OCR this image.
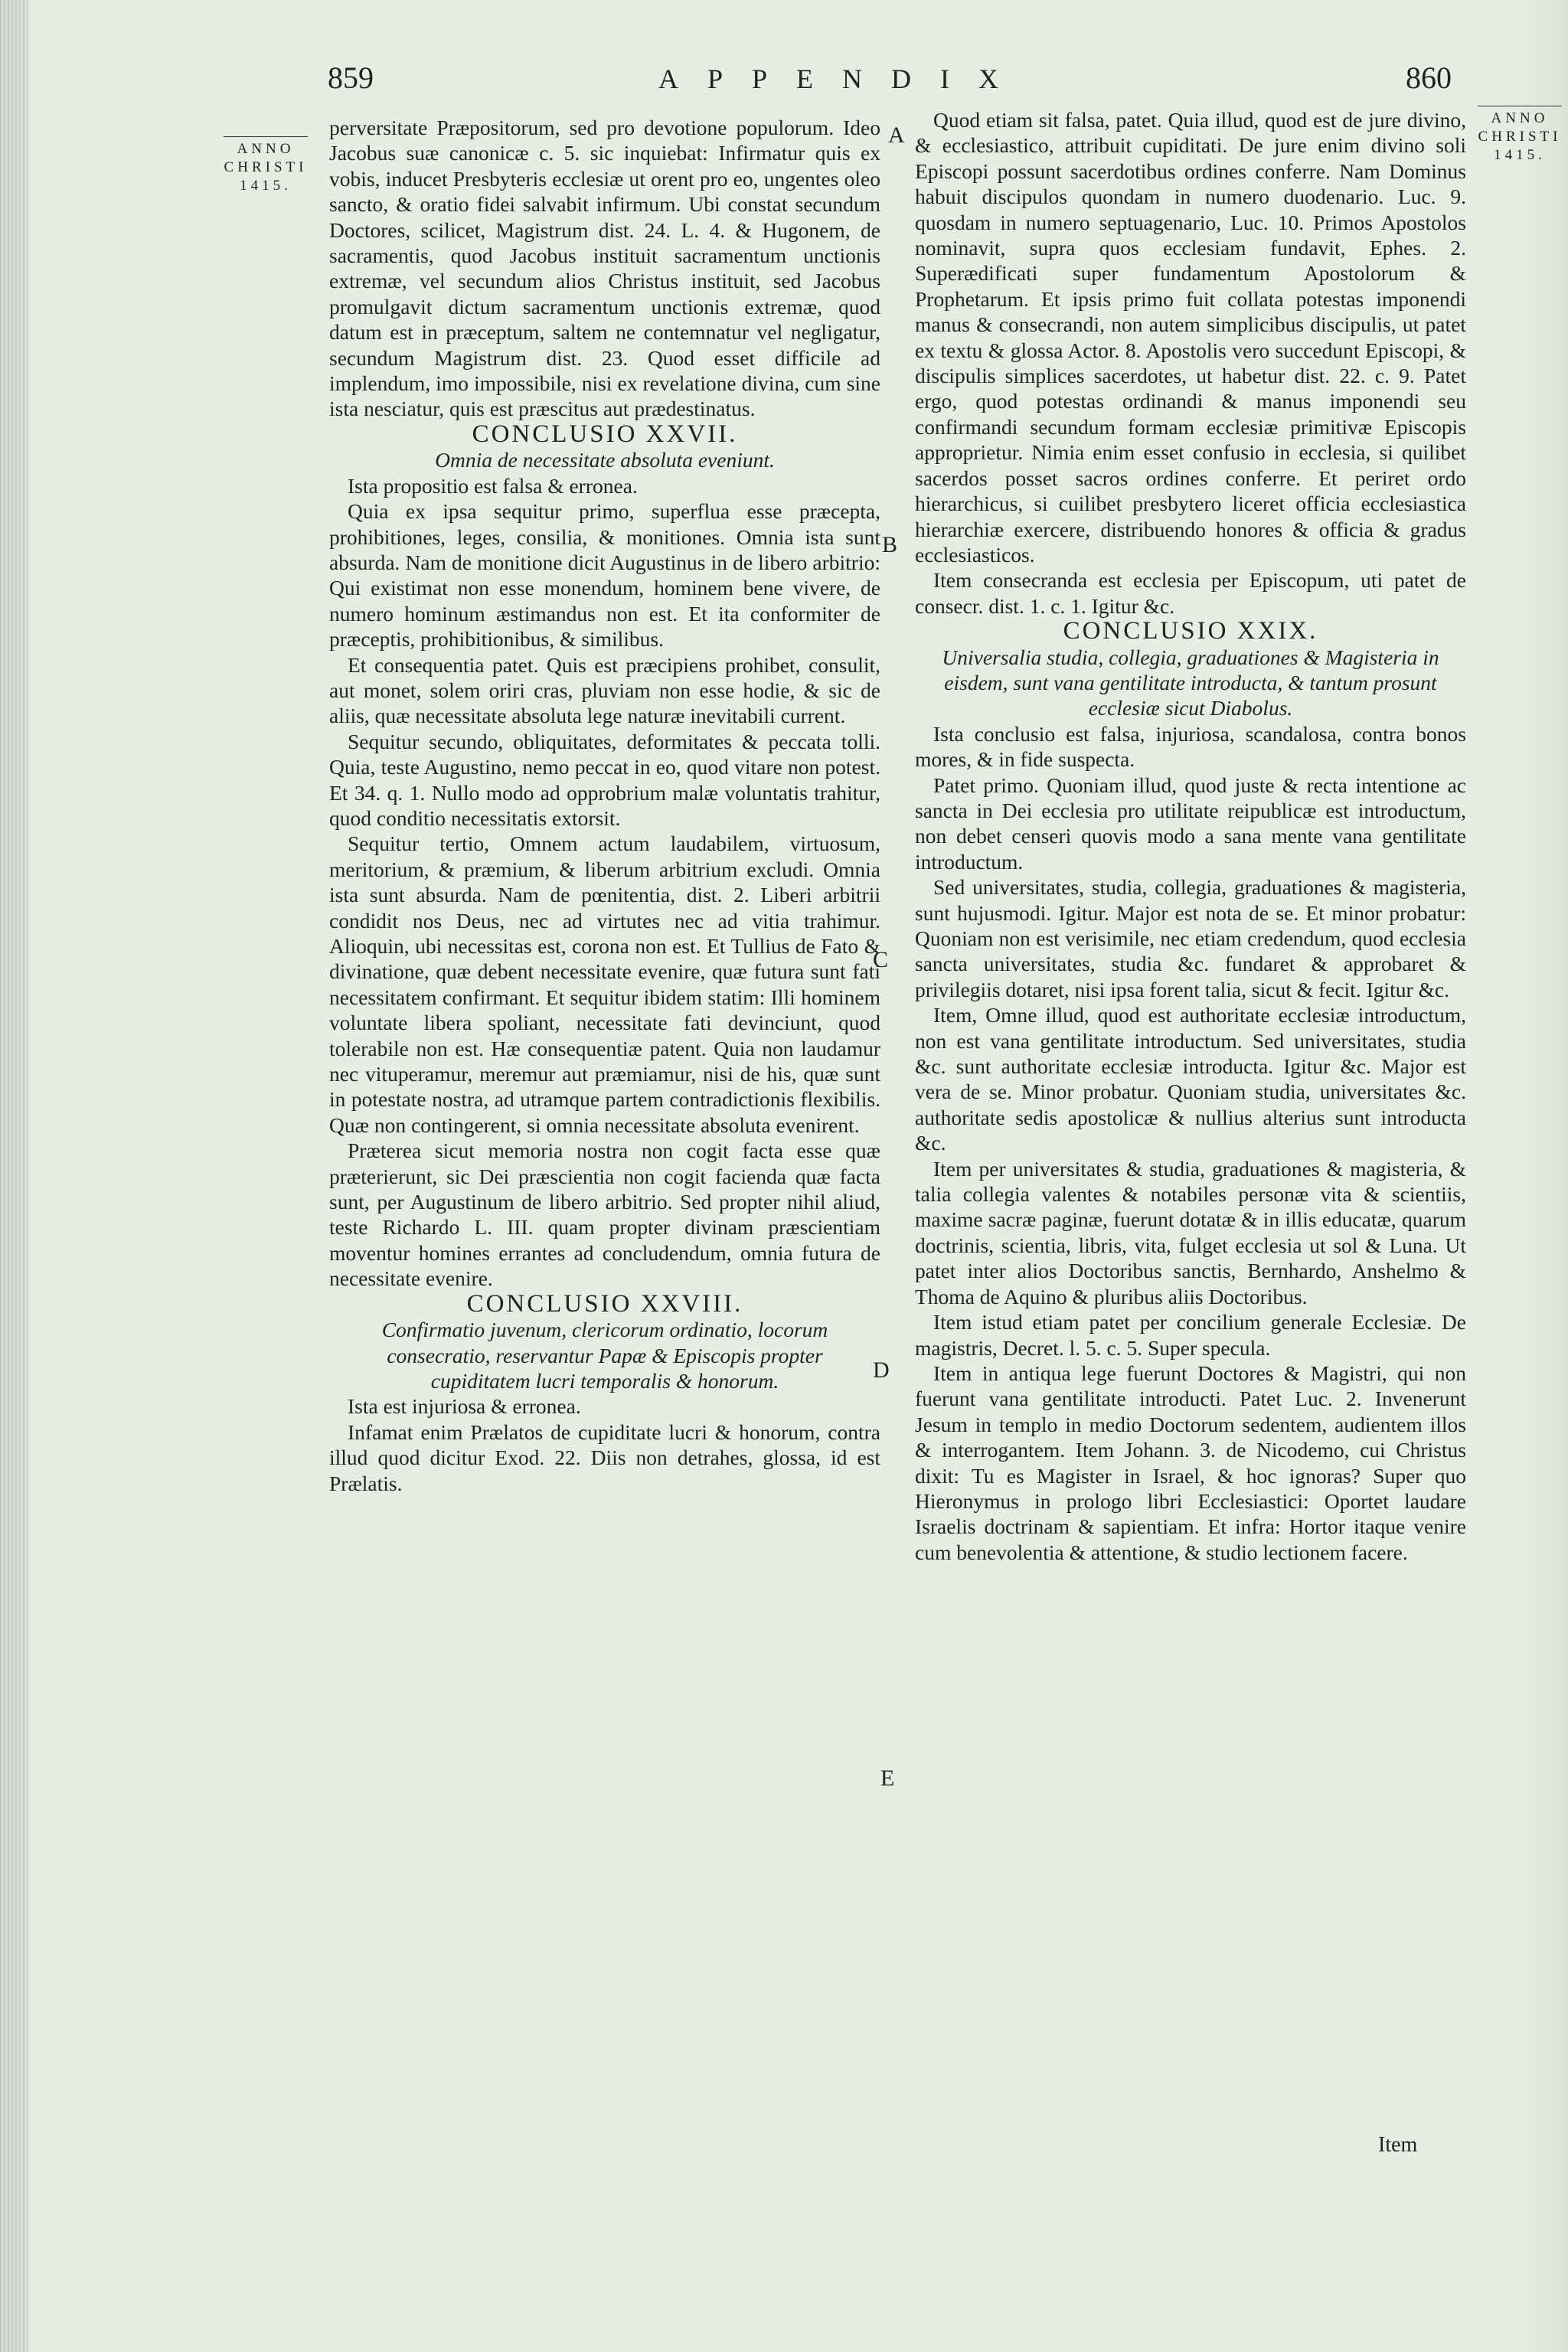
859	APPENDIX	860
ANNO
CHRISTI
1415.
ANNO
CHRISTI
1415.
A
B
C
D
E

perversitate Præpositorum, sed pro devotione populorum. Ideo Jacobus suæ canonicæ c. 5. sic inquiebat: Infirmatur quis ex vobis, inducet Presbyteris ecclesiæ ut orent pro eo, ungentes oleo sancto, & oratio fidei salvabit infirmum. Ubi constat secundum Doctores, scilicet, Magistrum dist. 24. L. 4. & Hugonem, de sacramentis, quod Jacobus instituit sacramentum unctionis extremæ, vel secundum alios Christus instituit, sed Jacobus promulgavit dictum sacramentum unctionis extremæ, quod datum est in præceptum, saltem ne contemnatur vel negligatur, secundum Magistrum dist. 23. Quod esset difficile ad implendum, imo impossibile, nisi ex revelatione divina, cum sine ista nesciatur, quis est præscitus aut prædestinatus.

CONCLUSIO XXVII.

Omnia de necessitate absoluta eveniunt.

Ista propositio est falsa & erronea.

Quia ex ipsa sequitur primo, superflua esse præcepta, prohibitiones, leges, consilia, & monitiones. Omnia ista sunt absurda. Nam de monitione dicit Augustinus in de libero arbitrio: Qui existimat non esse monendum, hominem bene vivere, de numero hominum æstimandus non est. Et ita conformiter de præceptis, prohibitionibus, & similibus.

Et consequentia patet. Quis est præcipiens prohibet, consulit, aut monet, solem oriri cras, pluviam non esse hodie, & sic de aliis, quæ necessitate absoluta lege naturæ inevitabili current.

Sequitur secundo, obliquitates, deformitates & peccata tolli. Quia, teste Augustino, nemo peccat in eo, quod vitare non potest. Et 34. q. 1. Nullo modo ad opprobrium malæ voluntatis trahitur, quod conditio necessitatis extorsit.

Sequitur tertio, Omnem actum laudabilem, virtuosum, meritorium, & præmium, & liberum arbitrium excludi. Omnia ista sunt absurda. Nam de pœnitentia, dist. 2. Liberi arbitrii condidit nos Deus, nec ad virtutes nec ad vitia trahimur. Alioquin, ubi necessitas est, corona non est. Et Tullius de Fato & divinatione, quæ debent necessitate evenire, quæ futura sunt fati necessitatem confirmant. Et sequitur ibidem statim: Illi hominem voluntate libera spoliant, necessitate fati devinciunt, quod tolerabile non est. Hæ consequentiæ patent. Quia non laudamur nec vituperamur, meremur aut præmiamur, nisi de his, quæ sunt in potestate nostra, ad utramque partem contradictionis flexibilis. Quæ non contingerent, si omnia necessitate absoluta evenirent.

Præterea sicut memoria nostra non cogit facta esse quæ præterierunt, sic Dei præscientia non cogit facienda quæ facta sunt, per Augustinum de libero arbitrio. Sed propter nihil aliud, teste Richardo L. III. quam propter divinam præscientiam moventur homines errantes ad concludendum, omnia futura de necessitate evenire.

CONCLUSIO XXVIII.

Confirmatio juvenum, clericorum ordinatio, locorum consecratio, reservantur Papæ & Episcopis propter cupiditatem lucri temporalis & honorum.

Ista est injuriosa & erronea.

Infamat enim Prælatos de cupiditate lucri & honorum, contra illud quod dicitur Exod. 22. Diis non detrahes, glossa, id est Prælatis.

Quod etiam sit falsa, patet. Quia illud, quod est de jure divino, & ecclesiastico, attribuit cupiditati. De jure enim divino soli Episcopi possunt sacerdotibus ordines conferre. Nam Dominus habuit discipulos quondam in numero duodenario. Luc. 9. quosdam in numero septuagenario, Luc. 10. Primos Apostolos nominavit, supra quos ecclesiam fundavit, Ephes. 2. Superædificati super fundamentum Apostolorum & Prophetarum. Et ipsis primo fuit collata potestas imponendi manus & consecrandi, non autem simplicibus discipulis, ut patet ex textu & glossa Actor. 8. Apostolis vero succedunt Episcopi, & discipulis simplices sacerdotes, ut habetur dist. 22. c. 9. Patet ergo, quod potestas ordinandi & manus imponendi seu confirmandi secundum formam ecclesiæ primitivæ Episcopis approprietur. Nimia enim esset confusio in ecclesia, si quilibet sacerdos posset sacros ordines conferre. Et periret ordo hierarchicus, si cuilibet presbytero liceret officia ecclesiastica hierarchiæ exercere, distribuendo honores & officia & gradus ecclesiasticos.

Item consecranda est ecclesia per Episcopum, uti patet de consecr. dist. 1. c. 1. Igitur &c.

CONCLUSIO XXIX.

Universalia studia, collegia, graduationes & Magisteria in eisdem, sunt vana gentilitate introducta, & tantum prosunt ecclesiæ sicut Diabolus.

Ista conclusio est falsa, injuriosa, scandalosa, contra bonos mores, & in fide suspecta.

Patet primo. Quoniam illud, quod juste & recta intentione ac sancta in Dei ecclesia pro utilitate reipublicæ est introductum, non debet censeri quovis modo a sana mente vana gentilitate introductum.

Sed universitates, studia, collegia, graduationes & magisteria, sunt hujusmodi. Igitur. Major est nota de se. Et minor probatur: Quoniam non est verisimile, nec etiam credendum, quod ecclesia sancta universitates, studia &c. fundaret & approbaret & privilegiis dotaret, nisi ipsa forent talia, sicut & fecit. Igitur &c.

Item, Omne illud, quod est authoritate ecclesiæ introductum, non est vana gentilitate introductum. Sed universitates, studia &c. sunt authoritate ecclesiæ introducta. Igitur &c. Major est vera de se. Minor probatur. Quoniam studia, universitates &c. authoritate sedis apostolicæ & nullius alterius sunt introducta &c.

Item per universitates & studia, graduationes & magisteria, & talia collegia valentes & notabiles personæ vita & scientiis, maxime sacræ paginæ, fuerunt dotatæ & in illis educatæ, quarum doctrinis, scientia, libris, vita, fulget ecclesia ut sol & Luna. Ut patet inter alios Doctoribus sanctis, Bernhardo, Anshelmo & Thoma de Aquino & pluribus aliis Doctoribus.

Item istud etiam patet per concilium generale Ecclesiæ. De magistris, Decret. l. 5. c. 5. Super specula.

Item in antiqua lege fuerunt Doctores & Magistri, qui non fuerunt vana gentilitate introducti. Patet Luc. 2. Invenerunt Jesum in templo in medio Doctorum sedentem, audientem illos & interrogantem. Item Johann. 3. de Nicodemo, cui Christus dixit: Tu es Magister in Israel, & hoc ignoras? Super quo Hieronymus in prologo libri Ecclesiastici: Oportet laudare Israelis doctrinam & sapientiam. Et infra: Hortor itaque venire cum benevolentia & attentione, & studio lectionem facere.

Item
